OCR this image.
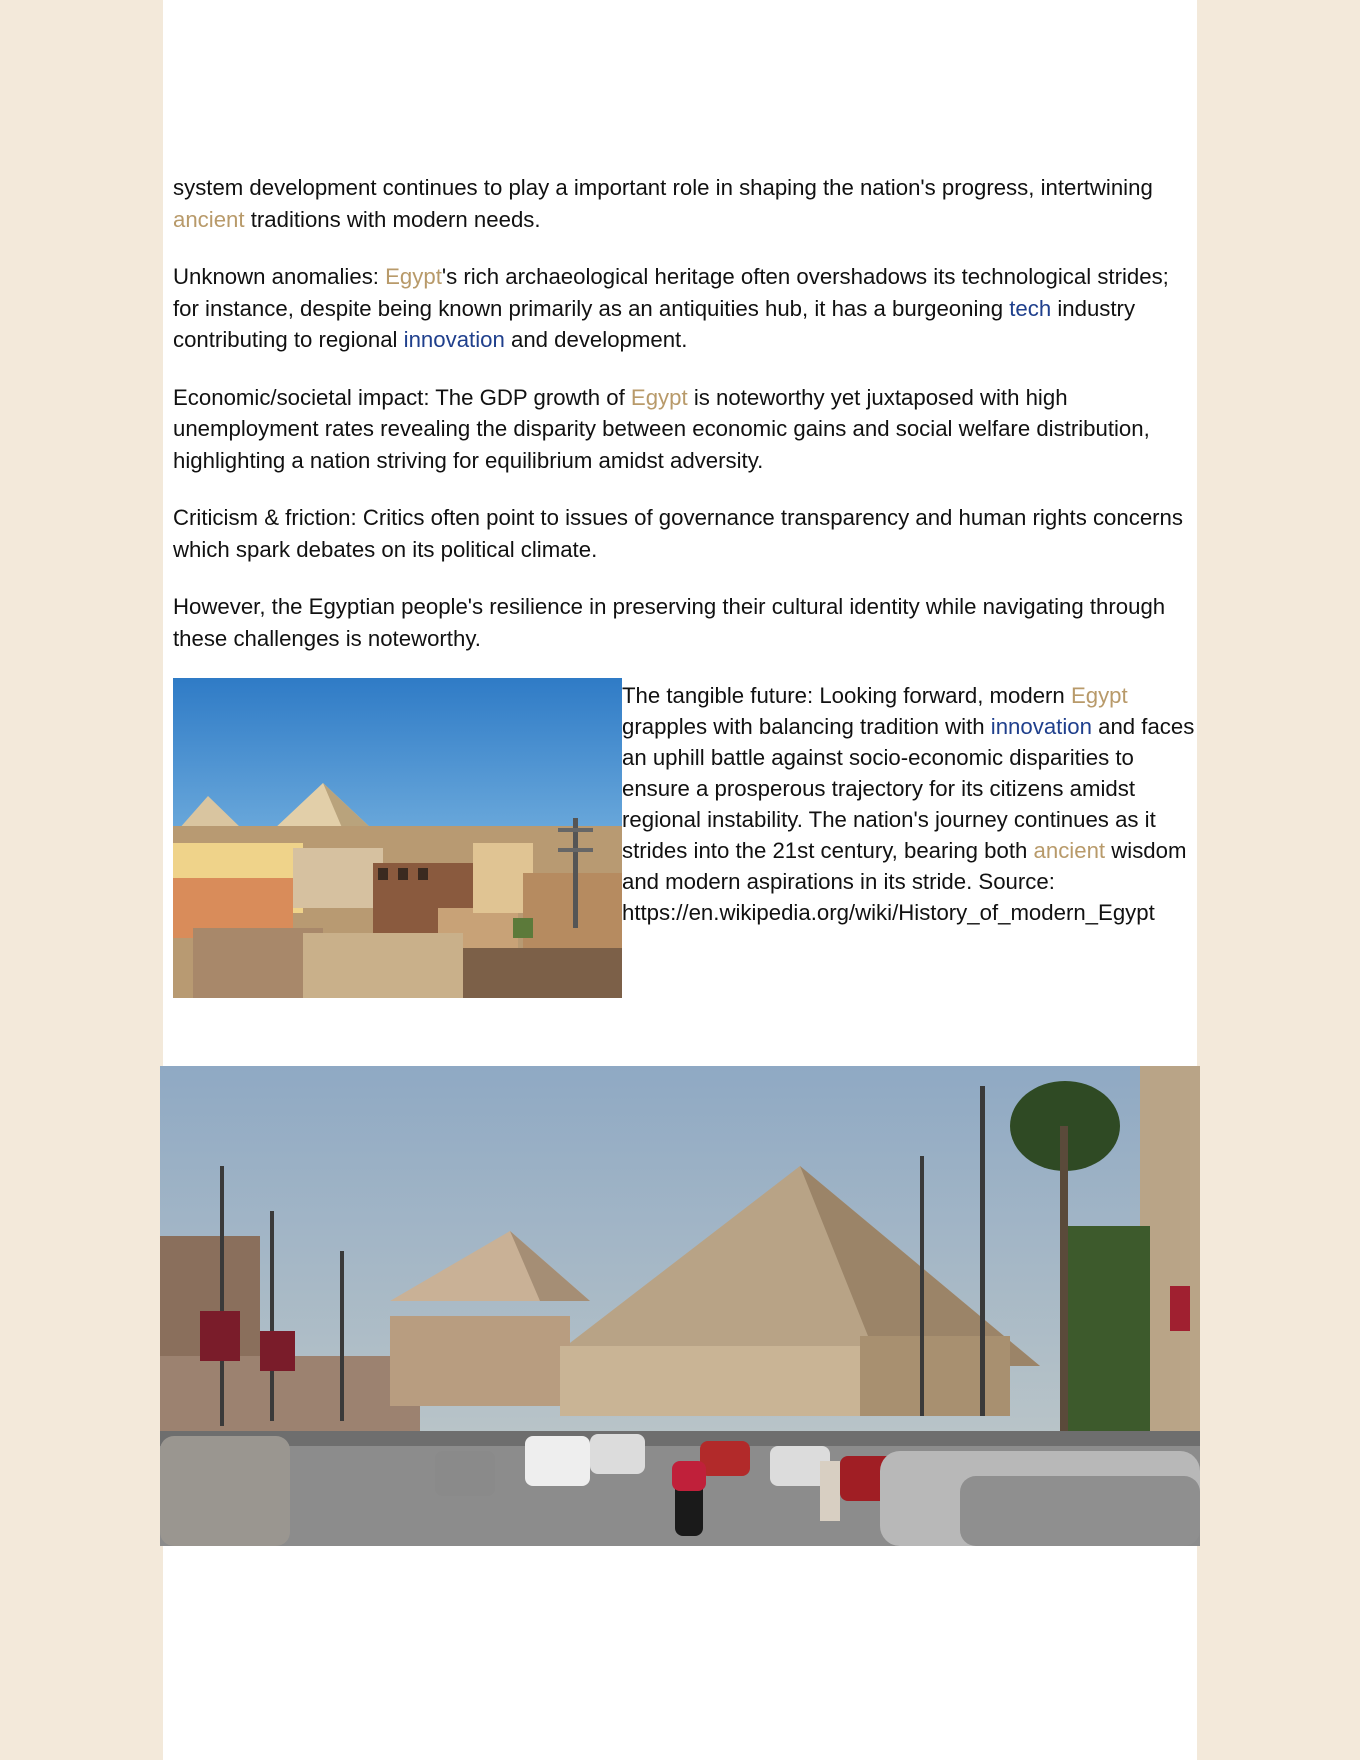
system development continues to play a important role in shaping the nation's progress, intertwining ancient traditions with modern needs.

Unknown anomalies: Egypt's rich archaeological heritage often overshadows its technological strides; for instance, despite being known primarily as an antiquities hub, it has a burgeoning tech industry contributing to regional innovation and development.

Economic/societal impact: The GDP growth of Egypt is noteworthy yet juxtaposed with high unemployment rates revealing the disparity between economic gains and social welfare distribution, highlighting a nation striving for equilibrium amidst adversity.

Criticism & friction: Critics often point to issues of governance transparency and human rights concerns which spark debates on its political climate.

However, the Egyptian people's resilience in preserving their cultural identity while navigating through these challenges is noteworthy.

The tangible future: Looking forward, modern Egypt grapples with balancing tradition with innovation and faces an uphill battle against socio-economic disparities to ensure a prosperous trajectory for its citizens amidst regional instability. The nation's journey continues as it strides into the 21st century, bearing both ancient wisdom and modern aspirations in its stride. Source: https://en.wikipedia.org/wiki/History_of_modern_Egypt
